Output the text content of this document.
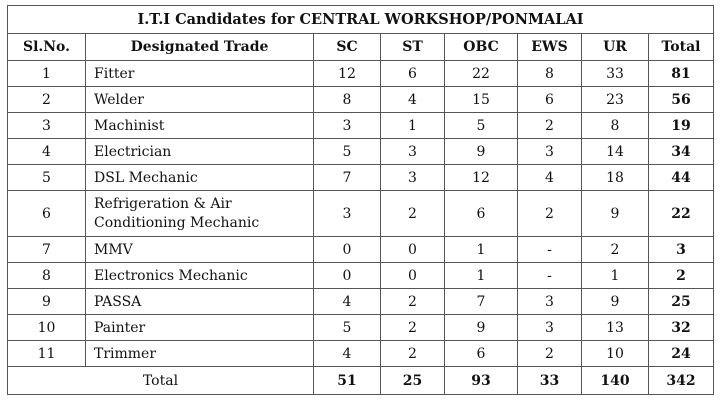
I.T.I Candidates for CENTRAL WORKSHOP/PONMALAI
Sl.No.	Designated Trade	SC	ST	OBC	EWS	UR	Total
1	Fitter	12	6	22	8	33	81
2	Welder	8	4	15	6	23	56
3	Machinist	3	1	5	2	8	19
4	Electrician	5	3	9	3	14	34
5	DSL Mechanic	7	3	12	4	18	44
6	Refrigeration & Air
Conditioning Mechanic	3	2	6	2	9	22
7	MMV	0	0	1	-	2	3
8	Electronics Mechanic	0	0	1	-	1	2
9	PASSA	4	2	7	3	9	25
10	Painter	5	2	9	3	13	32
11	Trimmer	4	2	6	2	10	24
Total		51	25	93	33	140	342
